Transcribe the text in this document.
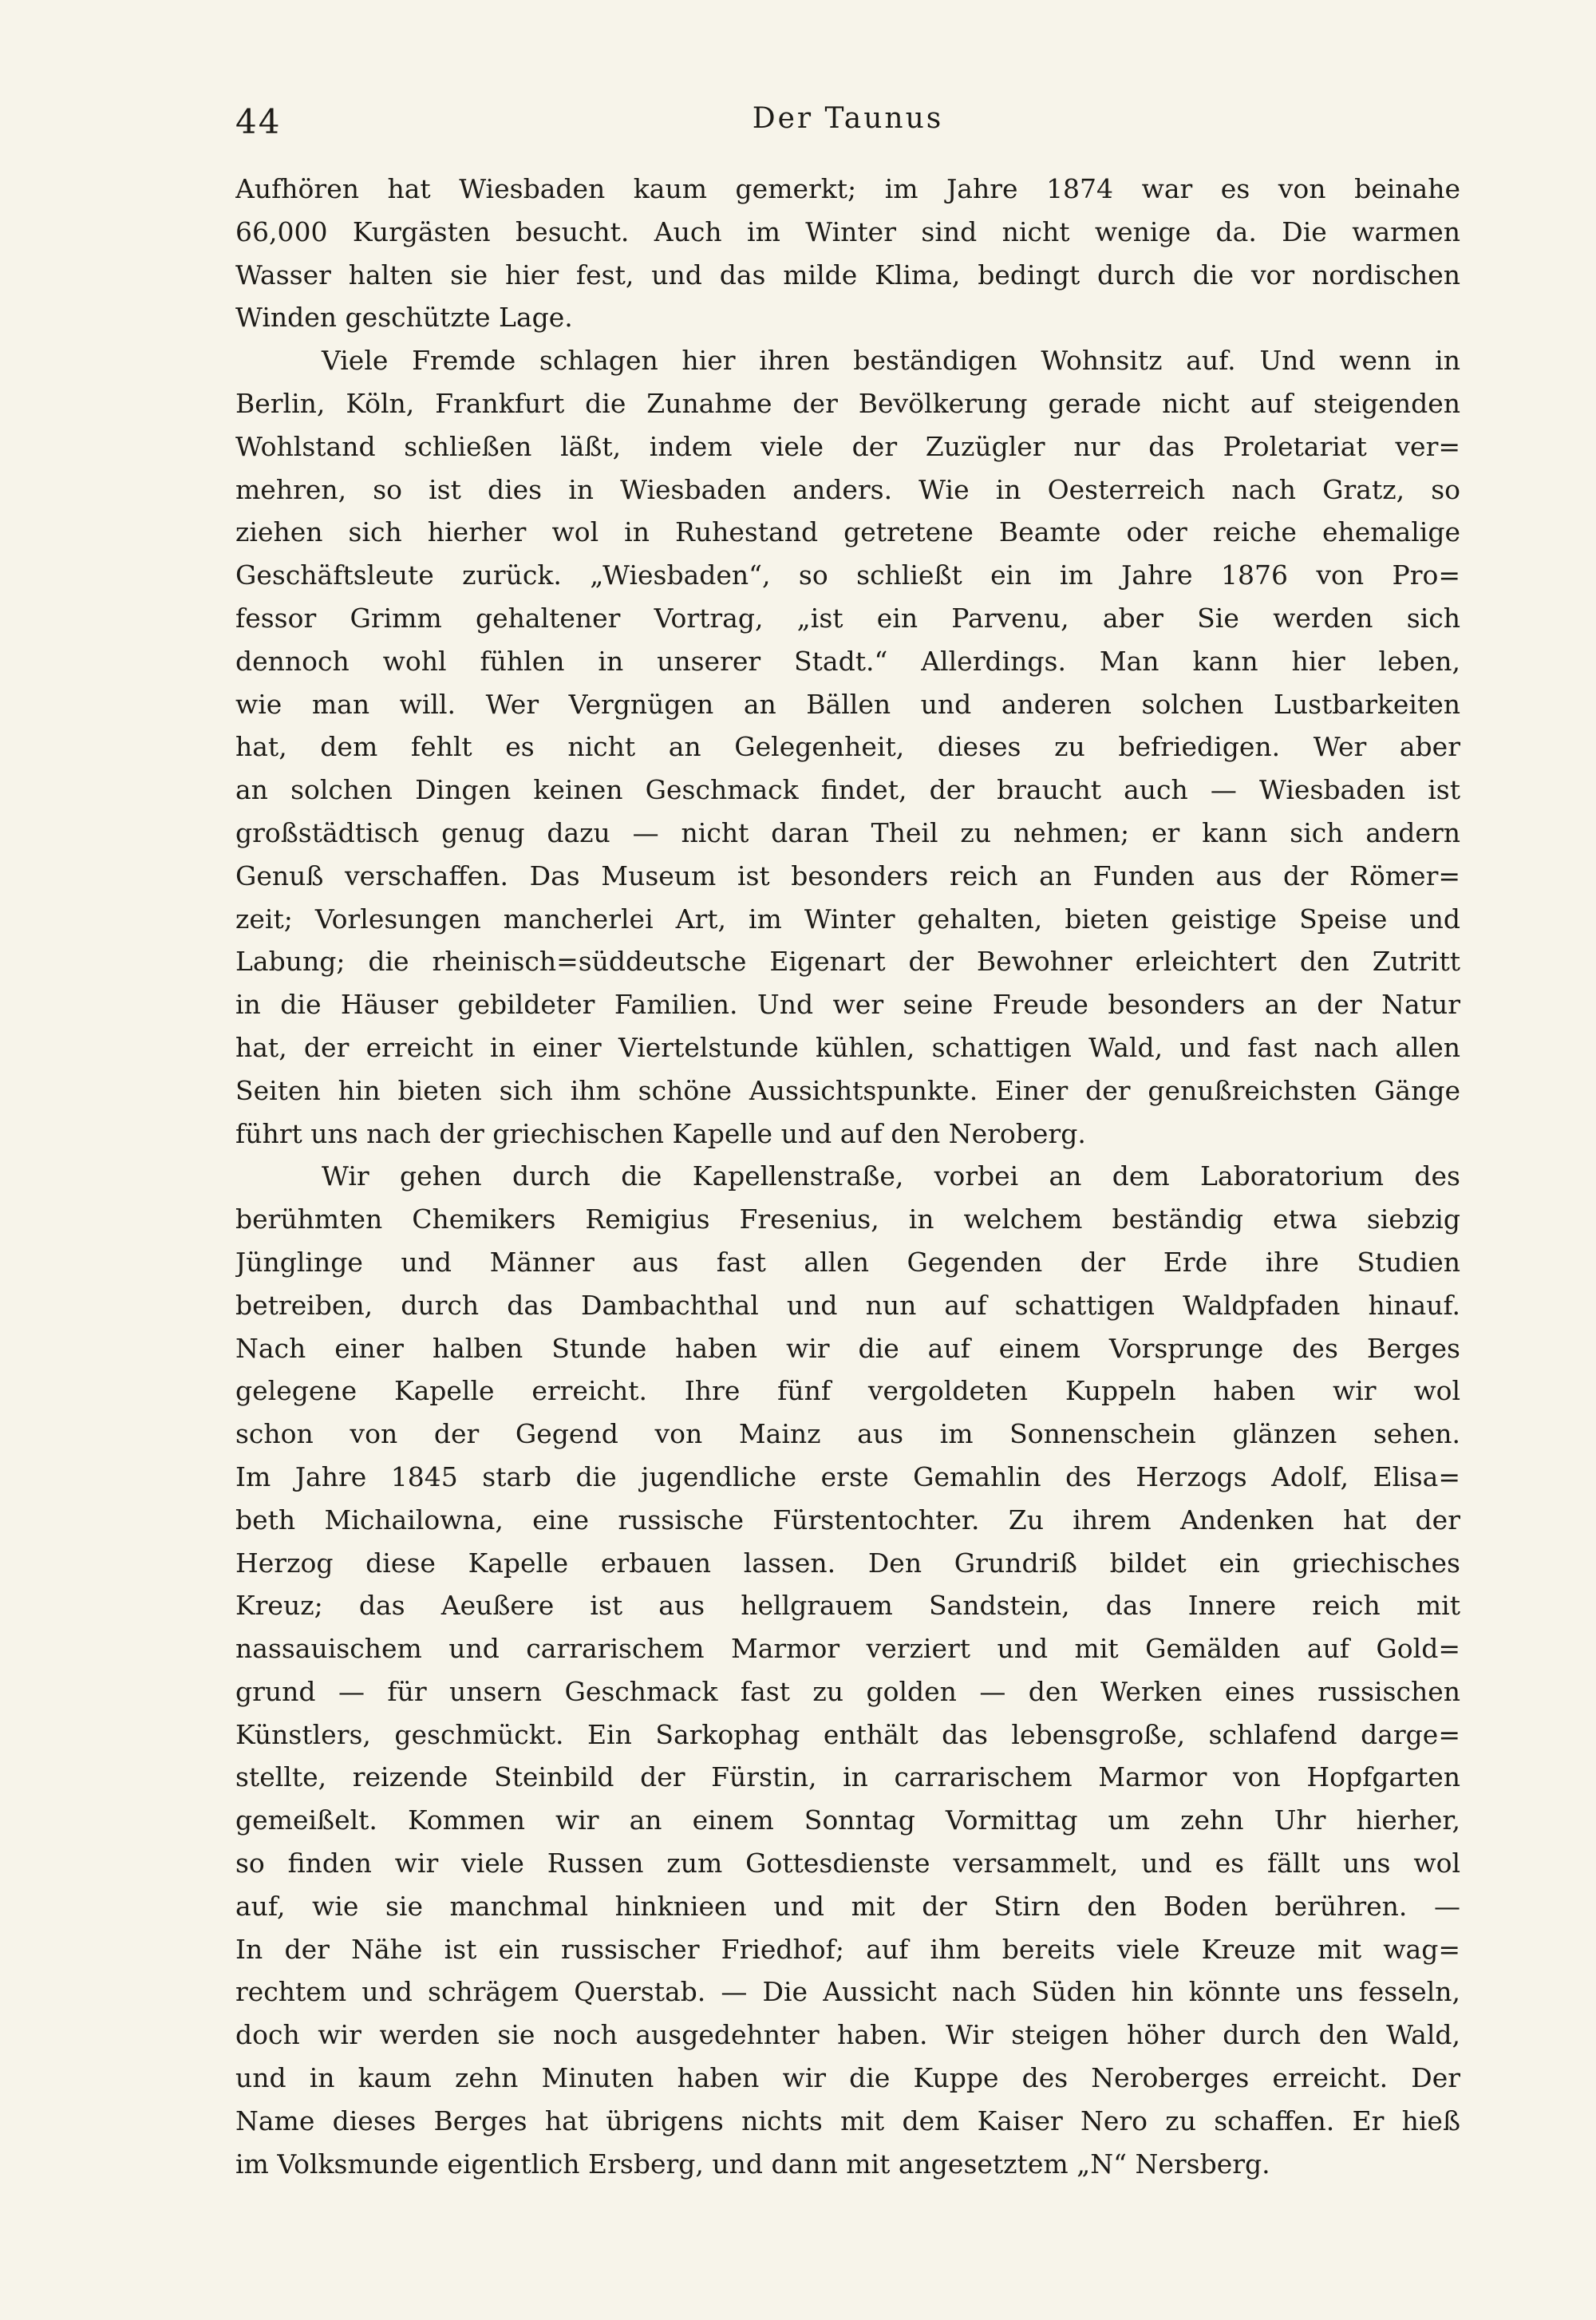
44	Der Taunus
Aufhören hat Wiesbaden kaum gemerkt; im Jahre 1874 war es von beinahe
66,000 Kurgästen besucht. Auch im Winter sind nicht wenige da. Die warmen
Wasser halten sie hier fest, und das milde Klima, bedingt durch die vor nordischen
Winden geschützte Lage.
Viele Fremde schlagen hier ihren beständigen Wohnsitz auf. Und wenn in
Berlin, Köln, Frankfurt die Zunahme der Bevölkerung gerade nicht auf steigenden
Wohlstand schließen läßt, indem viele der Zuzügler nur das Proletariat ver=
mehren, so ist dies in Wiesbaden anders. Wie in Oesterreich nach Gratz, so
ziehen sich hierher wol in Ruhestand getretene Beamte oder reiche ehemalige
Geschäftsleute zurück. „Wiesbaden“, so schließt ein im Jahre 1876 von Pro=
fessor Grimm gehaltener Vortrag, „ist ein Parvenu, aber Sie werden sich
dennoch wohl fühlen in unserer Stadt.“ Allerdings. Man kann hier leben,
wie man will. Wer Vergnügen an Bällen und anderen solchen Lustbarkeiten
hat, dem fehlt es nicht an Gelegenheit, dieses zu befriedigen. Wer aber
an solchen Dingen keinen Geschmack findet, der braucht auch — Wiesbaden ist
großstädtisch genug dazu — nicht daran Theil zu nehmen; er kann sich andern
Genuß verschaffen. Das Museum ist besonders reich an Funden aus der Römer=
zeit; Vorlesungen mancherlei Art, im Winter gehalten, bieten geistige Speise und
Labung; die rheinisch=süddeutsche Eigenart der Bewohner erleichtert den Zutritt
in die Häuser gebildeter Familien. Und wer seine Freude besonders an der Natur
hat, der erreicht in einer Viertelstunde kühlen, schattigen Wald, und fast nach allen
Seiten hin bieten sich ihm schöne Aussichtspunkte. Einer der genußreichsten Gänge
führt uns nach der griechischen Kapelle und auf den Neroberg.
Wir gehen durch die Kapellenstraße, vorbei an dem Laboratorium des
berühmten Chemikers Remigius Fresenius, in welchem beständig etwa siebzig
Jünglinge und Männer aus fast allen Gegenden der Erde ihre Studien
betreiben, durch das Dambachthal und nun auf schattigen Waldpfaden hinauf.
Nach einer halben Stunde haben wir die auf einem Vorsprunge des Berges
gelegene Kapelle erreicht. Ihre fünf vergoldeten Kuppeln haben wir wol
schon von der Gegend von Mainz aus im Sonnenschein glänzen sehen.
Im Jahre 1845 starb die jugendliche erste Gemahlin des Herzogs Adolf, Elisa=
beth Michailowna, eine russische Fürstentochter. Zu ihrem Andenken hat der
Herzog diese Kapelle erbauen lassen. Den Grundriß bildet ein griechisches
Kreuz; das Aeußere ist aus hellgrauem Sandstein, das Innere reich mit
nassauischem und carrarischem Marmor verziert und mit Gemälden auf Gold=
grund — für unsern Geschmack fast zu golden — den Werken eines russischen
Künstlers, geschmückt. Ein Sarkophag enthält das lebensgroße, schlafend darge=
stellte, reizende Steinbild der Fürstin, in carrarischem Marmor von Hopfgarten
gemeißelt. Kommen wir an einem Sonntag Vormittag um zehn Uhr hierher,
so finden wir viele Russen zum Gottesdienste versammelt, und es fällt uns wol
auf, wie sie manchmal hinknieen und mit der Stirn den Boden berühren. —
In der Nähe ist ein russischer Friedhof; auf ihm bereits viele Kreuze mit wag=
rechtem und schrägem Querstab. — Die Aussicht nach Süden hin könnte uns fesseln,
doch wir werden sie noch ausgedehnter haben. Wir steigen höher durch den Wald,
und in kaum zehn Minuten haben wir die Kuppe des Neroberges erreicht. Der
Name dieses Berges hat übrigens nichts mit dem Kaiser Nero zu schaffen. Er hieß
im Volksmunde eigentlich Ersberg, und dann mit angesetztem „N“ Nersberg.
